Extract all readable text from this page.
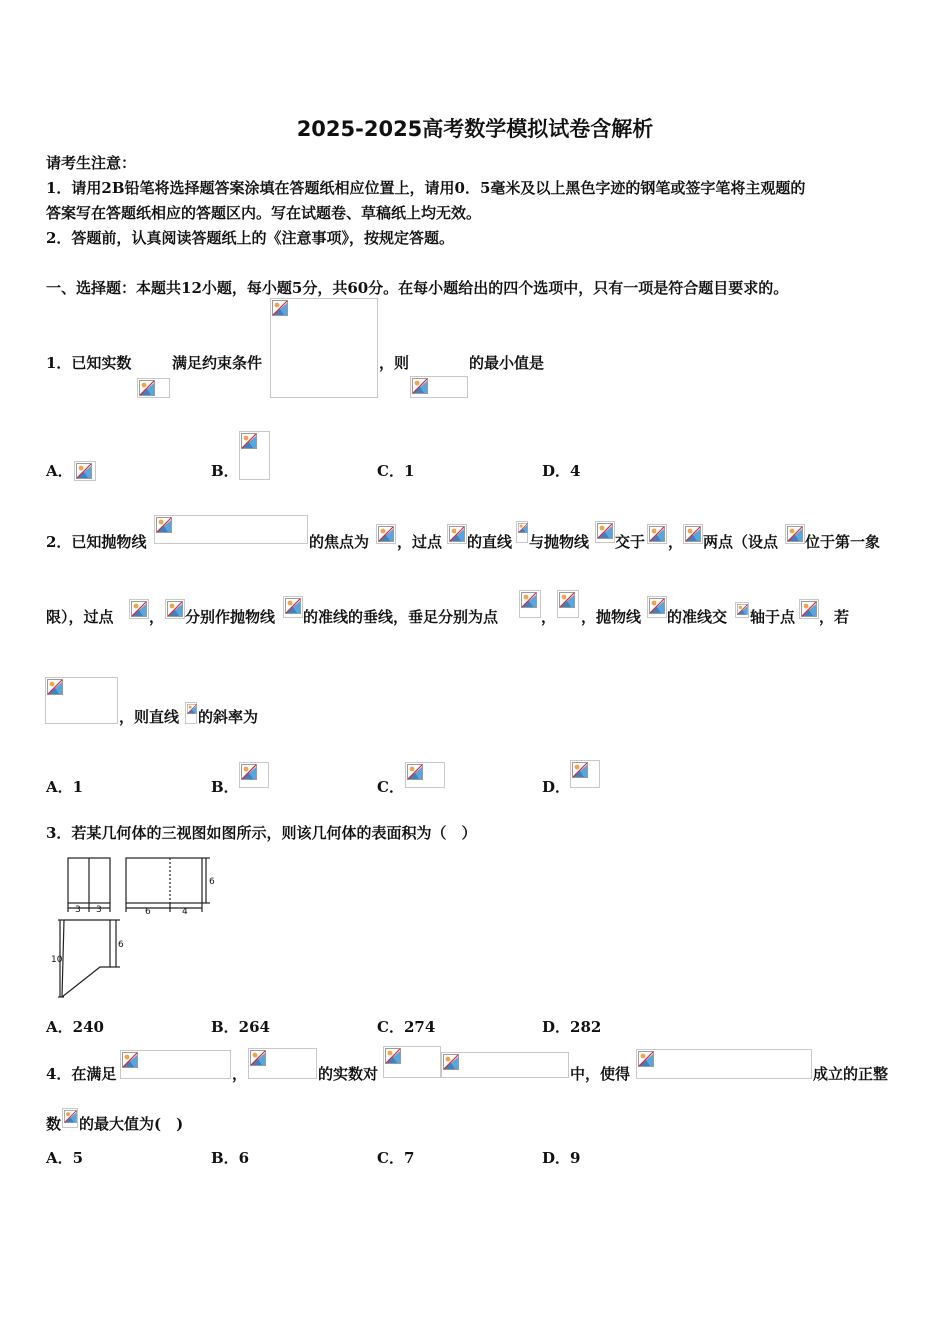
2025-2025高考数学模拟试卷含解析
请考生注意：
1．请用2B铅笔将选择题答案涂填在答题纸相应位置上，请用0．5毫米及以上黑色字迹的钢笔或签字笔将主观题的
答案写在答题纸相应的答题区内。写在试题卷、草稿纸上均无效。
2．答题前，认真阅读答题纸上的《注意事项》，按规定答题。
一、选择题：本题共12小题，每小题5分，共60分。在每小题给出的四个选项中，只有一项是符合题目要求的。
1．已知实数	满足约束条件	，则	的最小值是
A．	B．	C．1	D．4
2．已知抛物线	的焦点为 ，过点 的直线 与抛物线 交于 ， 两点（设点 位于第一象
限），过点 ， 分别作抛物线 的准线的垂线，垂足分别为点	， ，抛物线 的准线交 轴于点 ，若
，则直线 的斜率为
A．1	B．	C．	D．
3．若某几何体的三视图如图所示，则该几何体的表面积为（　）
3 3	6	4
6
6
10
A．240	B．264	C．274	D．282
4．在满足	，	的实数对	中，使得	成立的正整
数 的最大值为(　)
A．5	B．6	C．7	D．9
